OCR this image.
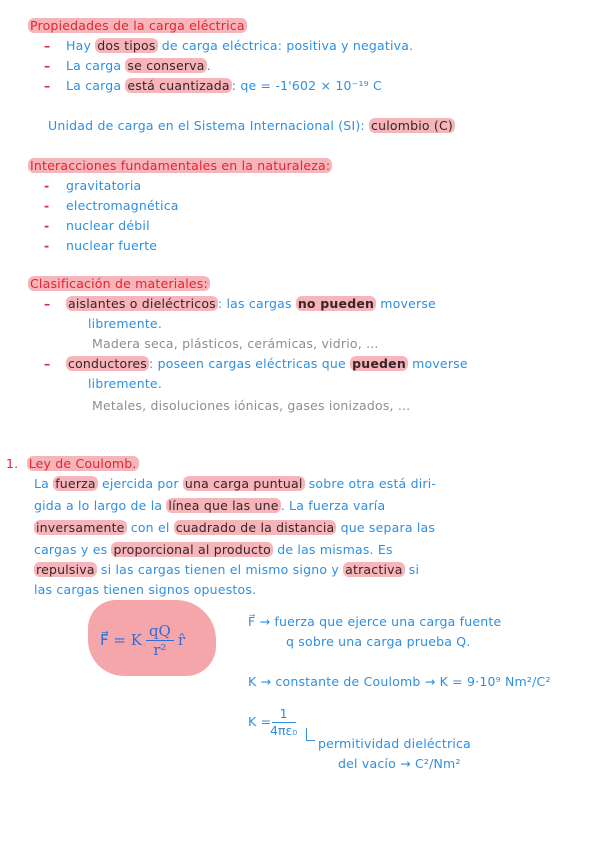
Propiedades de la carga eléctrica
– Hay dos tipos de carga eléctrica: positiva y negativa.
– La carga se conserva .
– La carga está cuantizada : qe = -1'602 × 10⁻¹⁹ C
Unidad de carga en el Sistema Internacional (SI): culombio (C)
Interacciones fundamentales en la naturaleza:
- gravitatoria
- electromagnética
- nuclear débil
- nuclear fuerte
Clasificación de materiales:
– aislantes o dieléctricos : las cargas no pueden moverse
libremente.
Madera seca, plásticos, cerámicas, vidrio, ...
– conductores : poseen cargas eléctricas que pueden moverse
libremente.
Metales, disoluciones iónicas, gases ionizados, ...
1. Ley de Coulomb.
La fuerza ejercida por una carga puntual sobre otra está diri-
gida a lo largo de la línea que las une . La fuerza varía
inversamente con el cuadrado de la distancia que separa las
cargas y es proporcional al producto de las mismas. Es
repulsiva si las cargas tienen el mismo signo y atractiva si
las cargas tienen signos opuestos.
F⃗ = K $\frac{qQ}{\text{r²}}$ r̂
F⃗ → fuerza que ejerce una carga fuente
q sobre una carga prueba Q.
K → constante de Coulomb → K = 9·10⁹ Nm²/C²
K =
$\frac{1}{\text{4πε₀}}$
permitividad dieléctrica
del vacío → C²/Nm²
